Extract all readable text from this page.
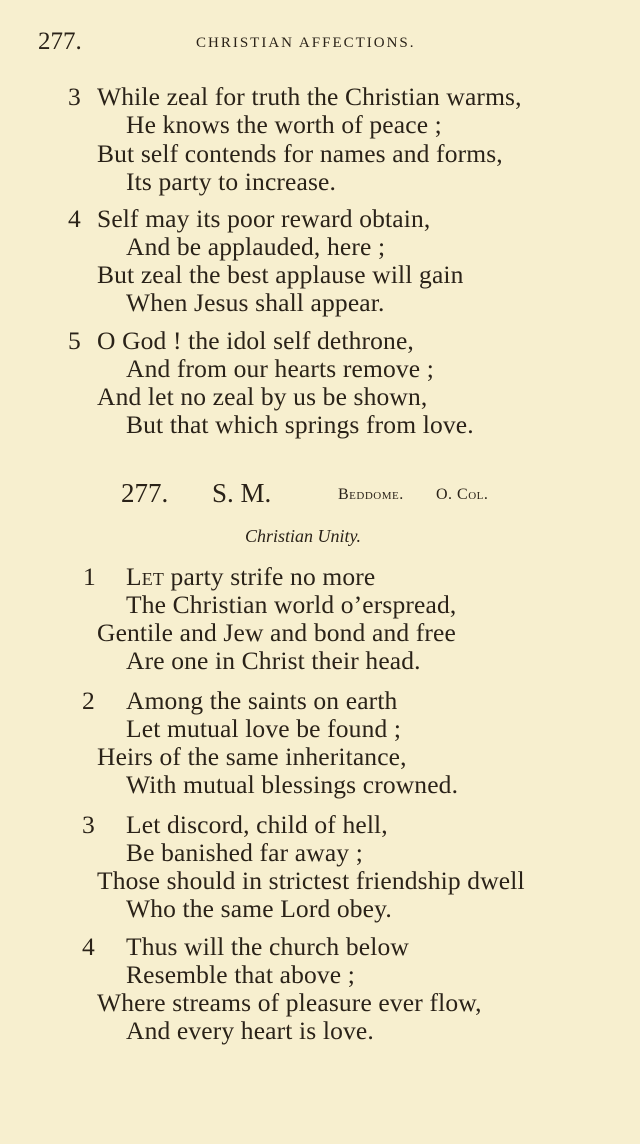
277.	CHRISTIAN AFFECTIONS.
3 While zeal for truth the Christian warms,
He knows the worth of peace ;
But self contends for names and forms,
Its party to increase.
4 Self may its poor reward obtain,
And be applauded, here ;
But zeal the best applause will gain
When Jesus shall appear.
5 O God ! the idol self dethrone,
And from our hearts remove ;
And let no zeal by us be shown,
But that which springs from love.
277. S. M.	Beddome. O. Col.
Christian Unity.
1 Let party strife no more
The Christian world o’erspread,
Gentile and Jew and bond and free
Are one in Christ their head.
2 Among the saints on earth
Let mutual love be found ;
Heirs of the same inheritance,
With mutual blessings crowned.
3 Let discord, child of hell,
Be banished far away ;
Those should in strictest friendship dwell
Who the same Lord obey.
4 Thus will the church below
Resemble that above ;
Where streams of pleasure ever flow,
And every heart is love.
